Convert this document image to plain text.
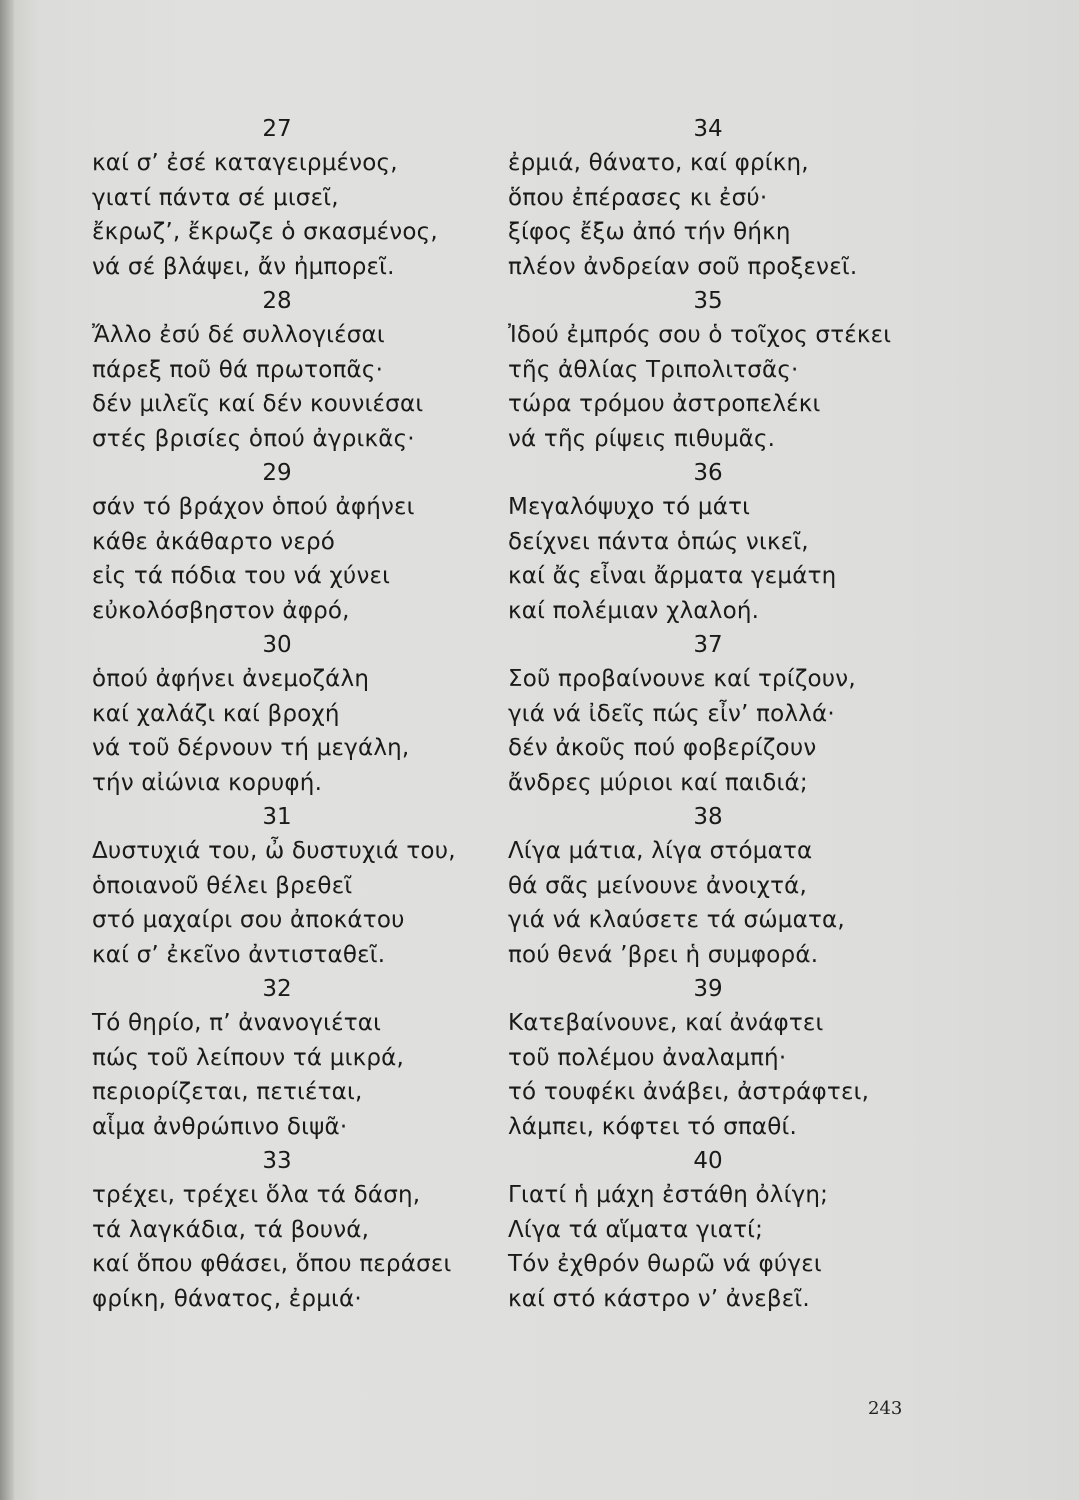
27
καί σ’ ἐσέ καταγειρμένος,
γιατί πάντα σέ μισεῖ,
ἔκρωζ’, ἔκρωζε ὁ σκασμένος,
νά σέ βλάψει, ἄν ἠμπορεῖ.
28
Ἄλλο ἐσύ δέ συλλογιέσαι
πάρεξ ποῦ θά πρωτοπᾶς·
δέν μιλεῖς καί δέν κουνιέσαι
στές βρισίες ὁπού ἀγρικᾶς·
29
σάν τό βράχον ὁπού ἀφήνει
κάθε ἀκάθαρτο νερό
εἰς τά πόδια του νά χύνει
εὐκολόσβηστον ἀφρό,
30
ὁπού ἀφήνει ἀνεμοζάλη
καί χαλάζι καί βροχή
νά τοῦ δέρνουν τή μεγάλη,
τήν αἰώνια κορυφή.
31
Δυστυχιά του, ὦ δυστυχιά του,
ὁποιανοῦ θέλει βρεθεῖ
στό μαχαίρι σου ἀποκάτου
καί σ’ ἐκεῖνο ἀντισταθεῖ.
32
Τό θηρίο, π’ ἀνανογιέται
πώς τοῦ λείπουν τά μικρά,
περιορίζεται, πετιέται,
αἷμα ἀνθρώπινο διψᾶ·
33
τρέχει, τρέχει ὅλα τά δάση,
τά λαγκάδια, τά βουνά,
καί ὅπου φθάσει, ὅπου περάσει
φρίκη, θάνατος, ἐρμιά·
34
ἐρμιά, θάνατο, καί φρίκη,
ὅπου ἐπέρασες κι ἐσύ·
ξίφος ἔξω ἀπό τήν θήκη
πλέον ἀνδρείαν σοῦ προξενεῖ.
35
Ἰδού ἐμπρός σου ὁ τοῖχος στέκει
τῆς ἀθλίας Τριπολιτσᾶς·
τώρα τρόμου ἀστροπελέκι
νά τῆς ρίψεις πιθυμᾶς.
36
Μεγαλόψυχο τό μάτι
δείχνει πάντα ὁπώς νικεῖ,
καί ἄς εἶναι ἄρματα γεμάτη
καί πολέμιαν χλαλοή.
37
Σοῦ προβαίνουνε καί τρίζουν,
γιά νά ἰδεῖς πώς εἶν’ πολλά·
δέν ἀκοῦς πού φοβερίζουν
ἄνδρες μύριοι καί παιδιά;
38
Λίγα μάτια, λίγα στόματα
θά σᾶς μείνουνε ἀνοιχτά,
γιά νά κλαύσετε τά σώματα,
πού θενά ’βρει ἡ συμφορά.
39
Κατεβαίνουνε, καί ἀνάφτει
τοῦ πολέμου ἀναλαμπή·
τό τουφέκι ἀνάβει, ἀστράφτει,
λάμπει, κόφτει τό σπαθί.
40
Γιατί ἡ μάχη ἐστάθη ὀλίγη;
Λίγα τά αἵματα γιατί;
Τόν ἐχθρόν θωρῶ νά φύγει
καί στό κάστρο ν’ ἀνεβεῖ.
243
